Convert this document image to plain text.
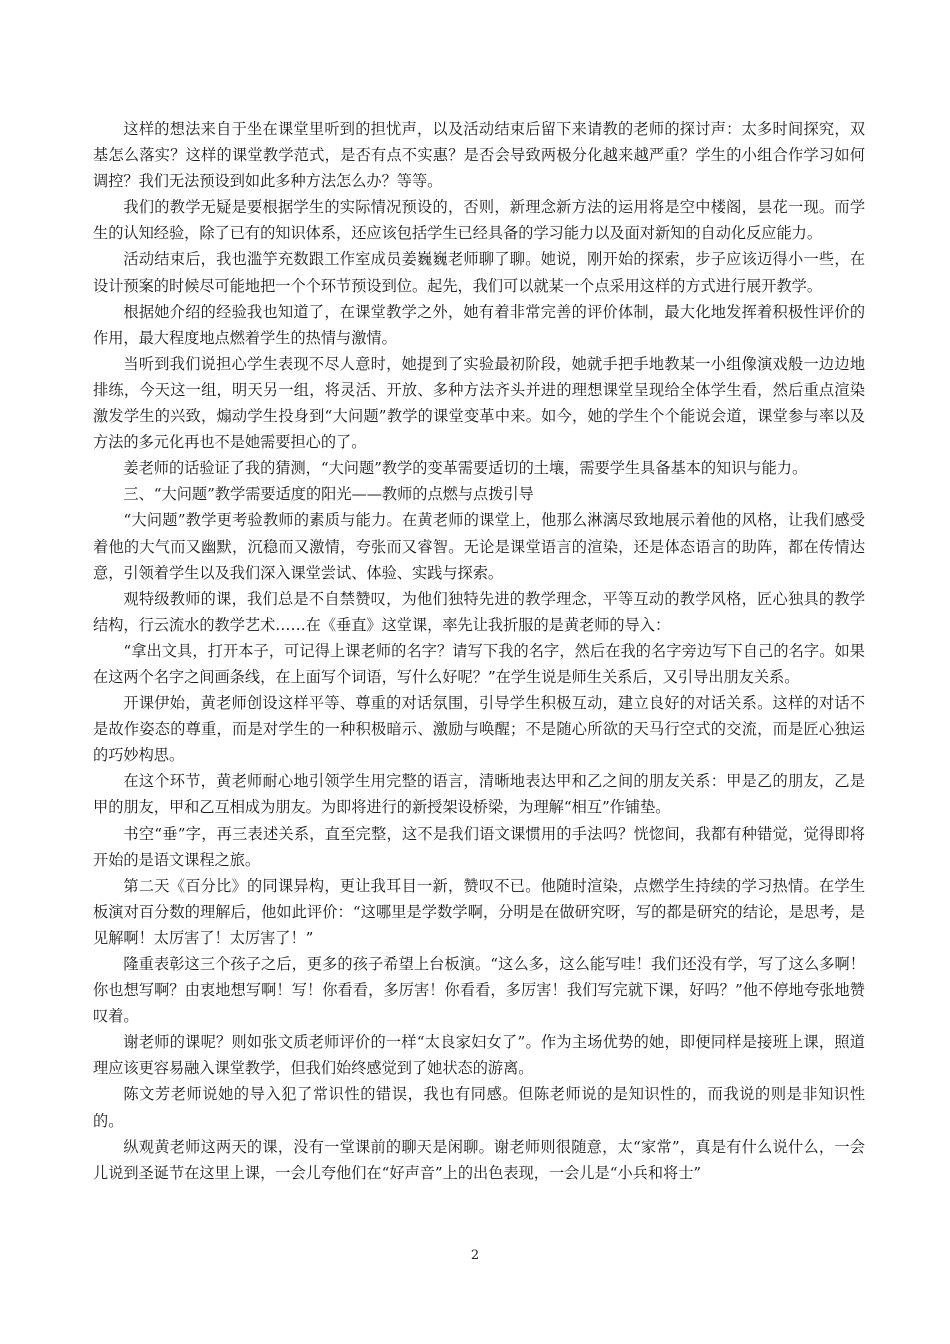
这样的想法来自于坐在课堂里听到的担忧声，以及活动结束后留下来请教的老师的探讨声：太多时间探究，双基怎么落实？这样的课堂教学范式，是否有点不实惠？是否会导致两极分化越来越严重？学生的小组合作学习如何调控？我们无法预设到如此多种方法怎么办？等等。

我们的教学无疑是要根据学生的实际情况预设的，否则，新理念新方法的运用将是空中楼阁，昙花一现。而学生的认知经验，除了已有的知识体系，还应该包括学生已经具备的学习能力以及面对新知的自动化反应能力。

活动结束后，我也滥竽充数跟工作室成员姜巍巍老师聊了聊。她说，刚开始的探索，步子应该迈得小一些，在设计预案的时候尽可能地把一个个环节预设到位。起先，我们可以就某一个点采用这样的方式进行展开教学。

根据她介绍的经验我也知道了，在课堂教学之外，她有着非常完善的评价体制，最大化地发挥着积极性评价的作用，最大程度地点燃着学生的热情与激情。

当听到我们说担心学生表现不尽人意时，她提到了实验最初阶段，她就手把手地教某一小组像演戏般一边边地排练，今天这一组，明天另一组，将灵活、开放、多种方法齐头并进的理想课堂呈现给全体学生看，然后重点渲染激发学生的兴致，煽动学生投身到“大问题”教学的课堂变革中来。如今，她的学生个个能说会道，课堂参与率以及方法的多元化再也不是她需要担心的了。

姜老师的话验证了我的猜测，“大问题”教学的变革需要适切的土壤，需要学生具备基本的知识与能力。

三、“大问题”教学需要适度的阳光——教师的点燃与点拨引导

“大问题”教学更考验教师的素质与能力。在黄老师的课堂上，他那么淋漓尽致地展示着他的风格，让我们感受着他的大气而又幽默，沉稳而又激情，夸张而又睿智。无论是课堂语言的渲染，还是体态语言的助阵，都在传情达意，引领着学生以及我们深入课堂尝试、体验、实践与探索。

观特级教师的课，我们总是不自禁赞叹，为他们独特先进的教学理念，平等互动的教学风格，匠心独具的教学结构，行云流水的教学艺术……在《垂直》这堂课，率先让我折服的是黄老师的导入：

“拿出文具，打开本子，可记得上课老师的名字？请写下我的名字，然后在我的名字旁边写下自己的名字。如果在这两个名字之间画条线，在上面写个词语，写什么好呢？”在学生说是师生关系后，又引导出朋友关系。

开课伊始，黄老师创设这样平等、尊重的对话氛围，引导学生积极互动，建立良好的对话关系。这样的对话不是故作姿态的尊重，而是对学生的一种积极暗示、激励与唤醒；不是随心所欲的天马行空式的交流，而是匠心独运的巧妙构思。

在这个环节，黄老师耐心地引领学生用完整的语言，清晰地表达甲和乙之间的朋友关系：甲是乙的朋友，乙是甲的朋友，甲和乙互相成为朋友。为即将进行的新授架设桥梁，为理解“相互”作铺垫。

书空“垂”字，再三表述关系，直至完整，这不是我们语文课惯用的手法吗？恍惚间，我都有种错觉，觉得即将开始的是语文课程之旅。

第二天《百分比》的同课异构，更让我耳目一新，赞叹不已。他随时渲染，点燃学生持续的学习热情。在学生板演对百分数的理解后，他如此评价：“这哪里是学数学啊，分明是在做研究呀，写的都是研究的结论，是思考，是见解啊！太厉害了！太厉害了！”

隆重表彰这三个孩子之后，更多的孩子希望上台板演。“这么多，这么能写哇！我们还没有学，写了这么多啊！你也想写啊？由衷地想写啊！写！你看看，多厉害！你看看，多厉害！我们写完就下课，好吗？”他不停地夸张地赞叹着。

谢老师的课呢？则如张文质老师评价的一样“太良家妇女了”。作为主场优势的她，即便同样是接班上课，照道理应该更容易融入课堂教学，但我们始终感觉到了她状态的游离。

陈文芳老师说她的导入犯了常识性的错误，我也有同感。但陈老师说的是知识性的，而我说的则是非知识性的。

纵观黄老师这两天的课，没有一堂课前的聊天是闲聊。谢老师则很随意，太“家常”，真是有什么说什么，一会儿说到圣诞节在这里上课，一会儿夸他们在“好声音”上的出色表现，一会儿是“小兵和将士”

2
